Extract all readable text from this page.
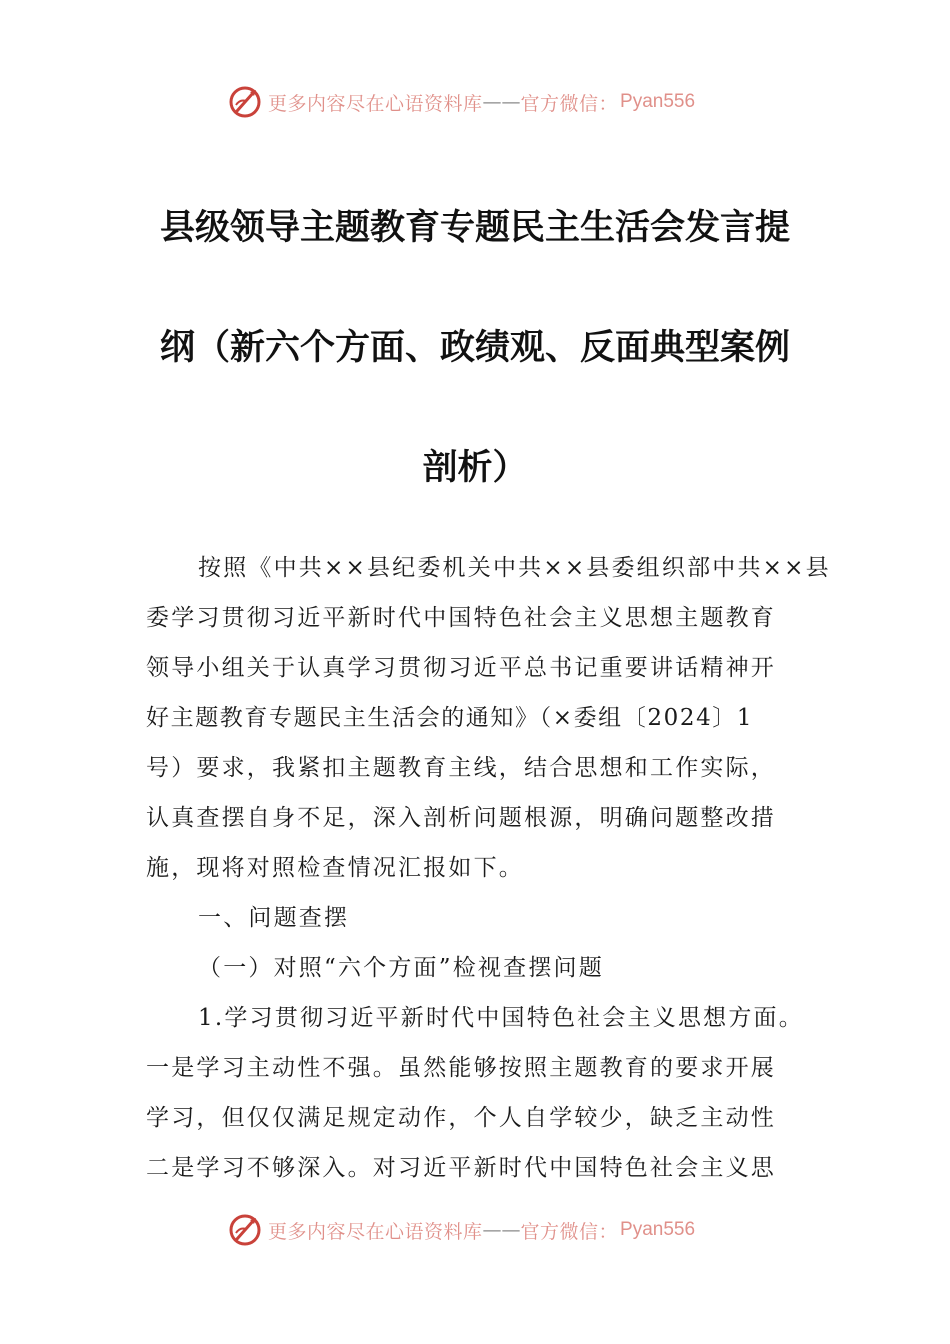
更多内容尽在心语资料库 —— 官方微信： Pyan556
县级领导主题教育专题民主生活会发言提
纲（新六个方面、政绩观、反面典型案例
剖析）
按照《中共××县纪委机关中共××县委组织部中共××县
委学习贯彻习近平新时代中国特色社会主义思想主题教育
领导小组关于认真学习贯彻习近平总书记重要讲话精神开
好主题教育专题民主生活会的通知》（×委组〔2024〕1
号）要求，我紧扣主题教育主线，结合思想和工作实际，
认真查摆自身不足，深入剖析问题根源，明确问题整改措
施，现将对照检查情况汇报如下。
一、问题查摆
（一）对照“六个方面”检视查摆问题
1.学习贯彻习近平新时代中国特色社会主义思想方面。
一是学习主动性不强。虽然能够按照主题教育的要求开展
学习，但仅仅满足规定动作，个人自学较少，缺乏主动性
二是学习不够深入。对习近平新时代中国特色社会主义思
更多内容尽在心语资料库 —— 官方微信： Pyan556
